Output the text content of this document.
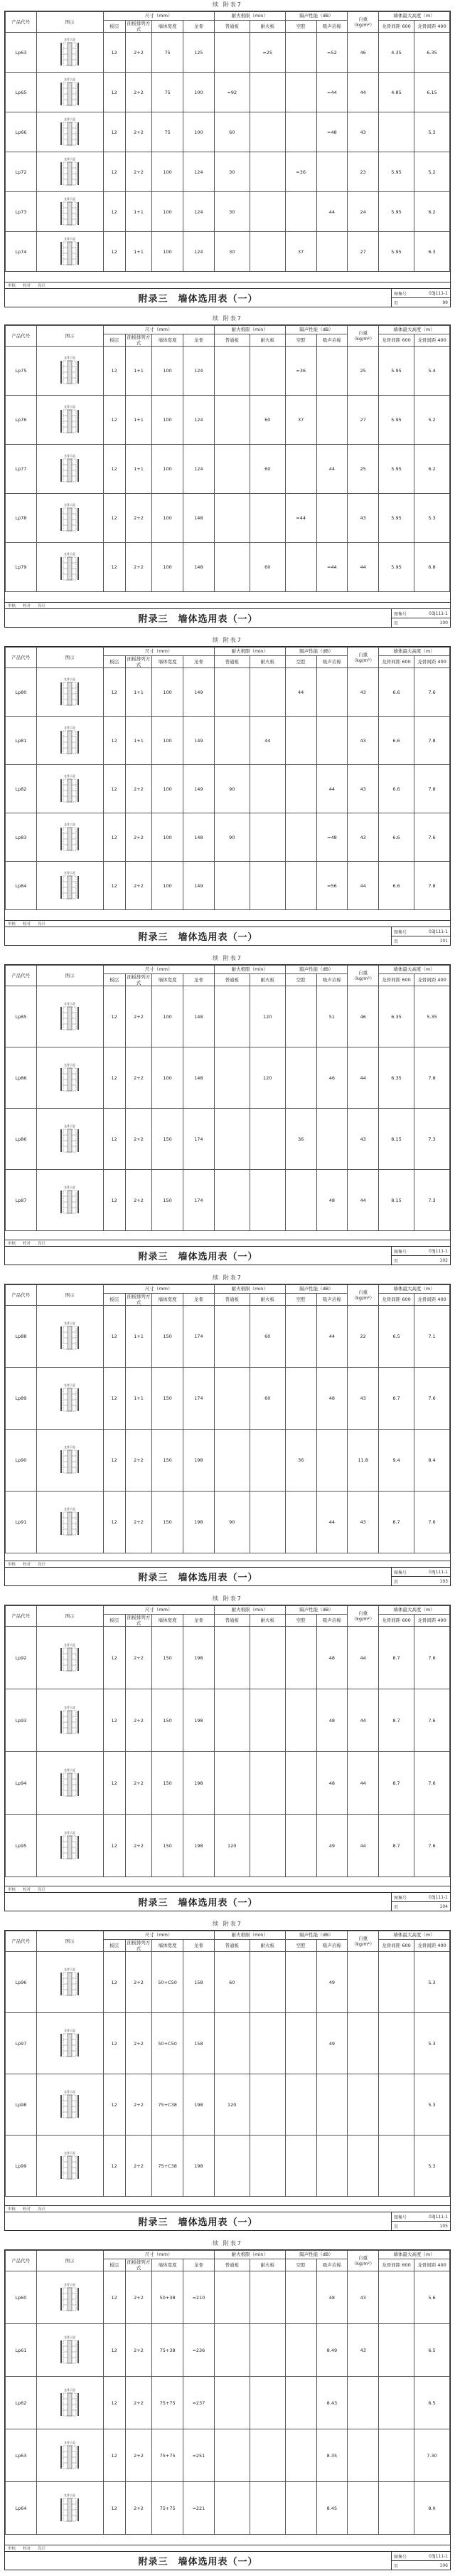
续 附表7
产品代号	图示	尺寸（mm）				耐火极限（min）		隔声性能（dB）		自重（kg/m²）	墙体最大高度（m）	
		板层	面板排列方式	墙体宽度	龙骨	普通板	耐火板	空腔	吸声岩棉		龙骨间距 600	龙骨间距 400

Lp63	龙骨示意	12	2+2	75	125		≈25		≈52	46	4.35	6.35
Lp65	龙骨示意	12	2+2	75	100	≈92			≈44	44	4.85	6.15
Lp66	龙骨示意	12	2+2	75	100	60			≈48	43		5.3
Lp72	龙骨示意	12	2+2	100	124	30		≈36		23	5.95	5.2
Lp73	龙骨示意	12	1+1	100	124	30			44	24	5.95	6.2
Lp74	龙骨示意	12	1+1	100	124	30		37		27	5.95	6.3
审核 校对 设计
附录三　墙体选用表（一）	图集号	03J111-1
页	99
续 附表7
产品代号	图示	尺寸（mm）				耐火极限（min）		隔声性能（dB）		自重（kg/m²）	墙体最大高度（m）	
		板层	面板排列方式	墙体宽度	龙骨	普通板	耐火板	空腔	吸声岩棉		龙骨间距 600	龙骨间距 400

Lp75	龙骨示意	12	1+1	100	124			≈36		25	5.95	5.4
Lp76	龙骨示意	12	1+1	100	124		60	37		27	5.95	5.2
Lp77	龙骨示意	12	1+1	100	124		60		44	25	5.95	6.2
Lp78	龙骨示意	12	2+2	100	148			≈44		43	5.95	5.3
Lp79	龙骨示意	12	2+2	100	148		60		≈44	44	5.95	6.8
审核 校对 设计
附录三　墙体选用表（一）	图集号	03J111-1
页	100
续 附表7
产品代号	图示	尺寸（mm）				耐火极限（min）		隔声性能（dB）		自重（kg/m²）	墙体最大高度（m）	
		板层	面板排列方式	墙体宽度	龙骨	普通板	耐火板	空腔	吸声岩棉		龙骨间距 600	龙骨间距 400

Lp80	龙骨示意	12	1+1	100	149			44		43	6.6	7.6
Lp81	龙骨示意	12	1+1	100	149		44			43	6.6	7.8
Lp82	龙骨示意	12	2+2	100	149	90			44	43	6.6	7.8
Lp83	龙骨示意	12	2+2	100	148	90			≈48	43	6.6	7.6
Lp84	龙骨示意	12	2+2	100	149				≈56	44	6.6	7.8
审核 校对 设计
附录三　墙体选用表（一）	图集号	03J111-1
页	101
续 附表7
产品代号	图示	尺寸（mm）				耐火极限（min）		隔声性能（dB）		自重（kg/m²）	墙体最大高度（m）	
		板层	面板排列方式	墙体宽度	龙骨	普通板	耐火板	空腔	吸声岩棉		龙骨间距 600	龙骨间距 400

Lp85	龙骨示意	12	2+2	100	148		120		51	46	6.35	5.35
Lp86	龙骨示意	12	2+2	100	148		120		46	44	6.35	7.8
Lp86	龙骨示意	12	2+2	150	174			36		43	8.15	7.3
Lp87	龙骨示意	12	2+2	150	174				48	44	8.15	7.3
审核 校对 设计
附录三　墙体选用表（一）	图集号	03J111-1
页	102
续 附表7
产品代号	图示	尺寸（mm）				耐火极限（min）		隔声性能（dB）		自重（kg/m²）	墙体最大高度（m）	
		板层	面板排列方式	墙体宽度	龙骨	普通板	耐火板	空腔	吸声岩棉		龙骨间距 600	龙骨间距 400

Lp88	龙骨示意	12	1+1	150	174		60		44	22	6.5	7.1
Lp89	龙骨示意	12	1+1	150	174		60		48	43	8.7	7.6
Lp90	龙骨示意	12	2+2	150	198			36		11.8	9.4	8.4
Lp91	龙骨示意	12	2+2	150	198	90			44	43	8.7	7.6
审核 校对 设计
附录三　墙体选用表（一）	图集号	03J111-1
页	103
续 附表7
产品代号	图示	尺寸（mm）				耐火极限（min）		隔声性能（dB）		自重（kg/m²）	墙体最大高度（m）	
		板层	面板排列方式	墙体宽度	龙骨	普通板	耐火板	空腔	吸声岩棉		龙骨间距 600	龙骨间距 400

Lp92	龙骨示意	12	2+2	150	198				48	44	8.7	7.6
Lp93	龙骨示意	12	2+2	150	198				48	44	8.7	7.6
Lp94	龙骨示意	12	2+2	150	198				48	44	8.7	7.6
Lp95	龙骨示意	12	2+2	150	198	120			49	44	8.7	7.6
审核 校对 设计
附录三　墙体选用表（一）	图集号	03J111-1
页	104
续 附表7
产品代号	图示	尺寸（mm）				耐火极限（min）		隔声性能（dB）		自重（kg/m²）	墙体最大高度（m）	
		板层	面板排列方式	墙体宽度	龙骨	普通板	耐火板	空腔	吸声岩棉		龙骨间距 600	龙骨间距 400

Lp96	龙骨示意	12	2+2	50+C50	158	60			49			5.3
Lp97	龙骨示意	12	2+2	50+C50	158				49			5.3
Lp98	龙骨示意	12	2+2	75+C38	198	120						5.3
Lp99	龙骨示意	12	2+2	75+C38	198							5.3
审核 校对 设计
附录三　墙体选用表（一）	图集号	03J111-1
页	105
续 附表7
产品代号	图示	尺寸（mm）				耐火极限（min）		隔声性能（dB）		自重（kg/m²）	墙体最大高度（m）	
		板层	面板排列方式	墙体宽度	龙骨	普通板	耐火板	空腔	吸声岩棉		龙骨间距 600	龙骨间距 400

Lp60	龙骨示意	12	2+2	50+38	≈210				48	43		5.6
Lp61	龙骨示意	12	2+2	75+38	≈236				8.49	43		6.5
Lp62	龙骨示意	12	2+2	75+75	≈237				8.43			6.5
Lp63	龙骨示意	12	2+2	75+75	≈251				8.35			7.30
Lp64	龙骨示意	12	2+2	75+75	≈221				8.45			8.0
审核 校对 设计
附录三　墙体选用表（一）	图集号	03J111-1
页	106
